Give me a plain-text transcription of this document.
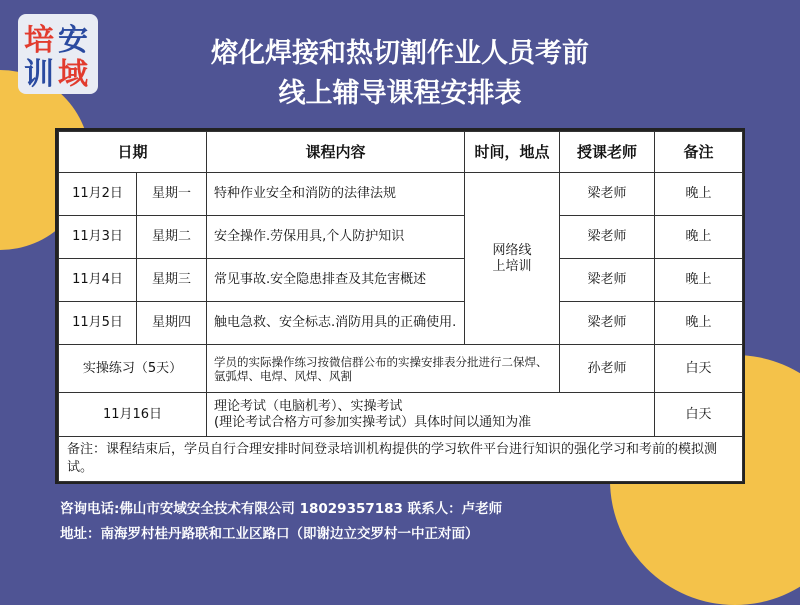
培 安
训 域
熔化焊接和热切割作业人员考前
线上辅导课程安排表
日期		课程内容	时间，地点	授课老师	备注
11月2日	星期一	特种作业安全和消防的法律法规	网络线上培训	梁老师	晚上
11月3日	星期二	安全操作.劳保用具,个人防护知识		梁老师	晚上
11月4日	星期三	常见事故.安全隐患排查及其危害概述		梁老师	晚上
11月5日	星期四	触电急救、安全标志.消防用具的正确使用.		梁老师	晚上
实操练习（5天）		学员的实际操作练习按微信群公布的实操安排表分批进行二保焊、氩弧焊、电焊、风焊、风割		孙老师	白天
11月16日		理论考试（电脑机考）、实操考试
(理论考试合格方可参加实操考试）具体时间以通知为准			白天
备注：课程结束后，学员自行合理安排时间登录培训机构提供的学习软件平台进行知识的强化学习和考前的模拟测试。					
咨询电话:佛山市安域安全技术有限公司 18029357183 联系人：卢老师
地址：南海罗村桂丹路联和工业区路口（即谢边立交罗村一中正对面）
